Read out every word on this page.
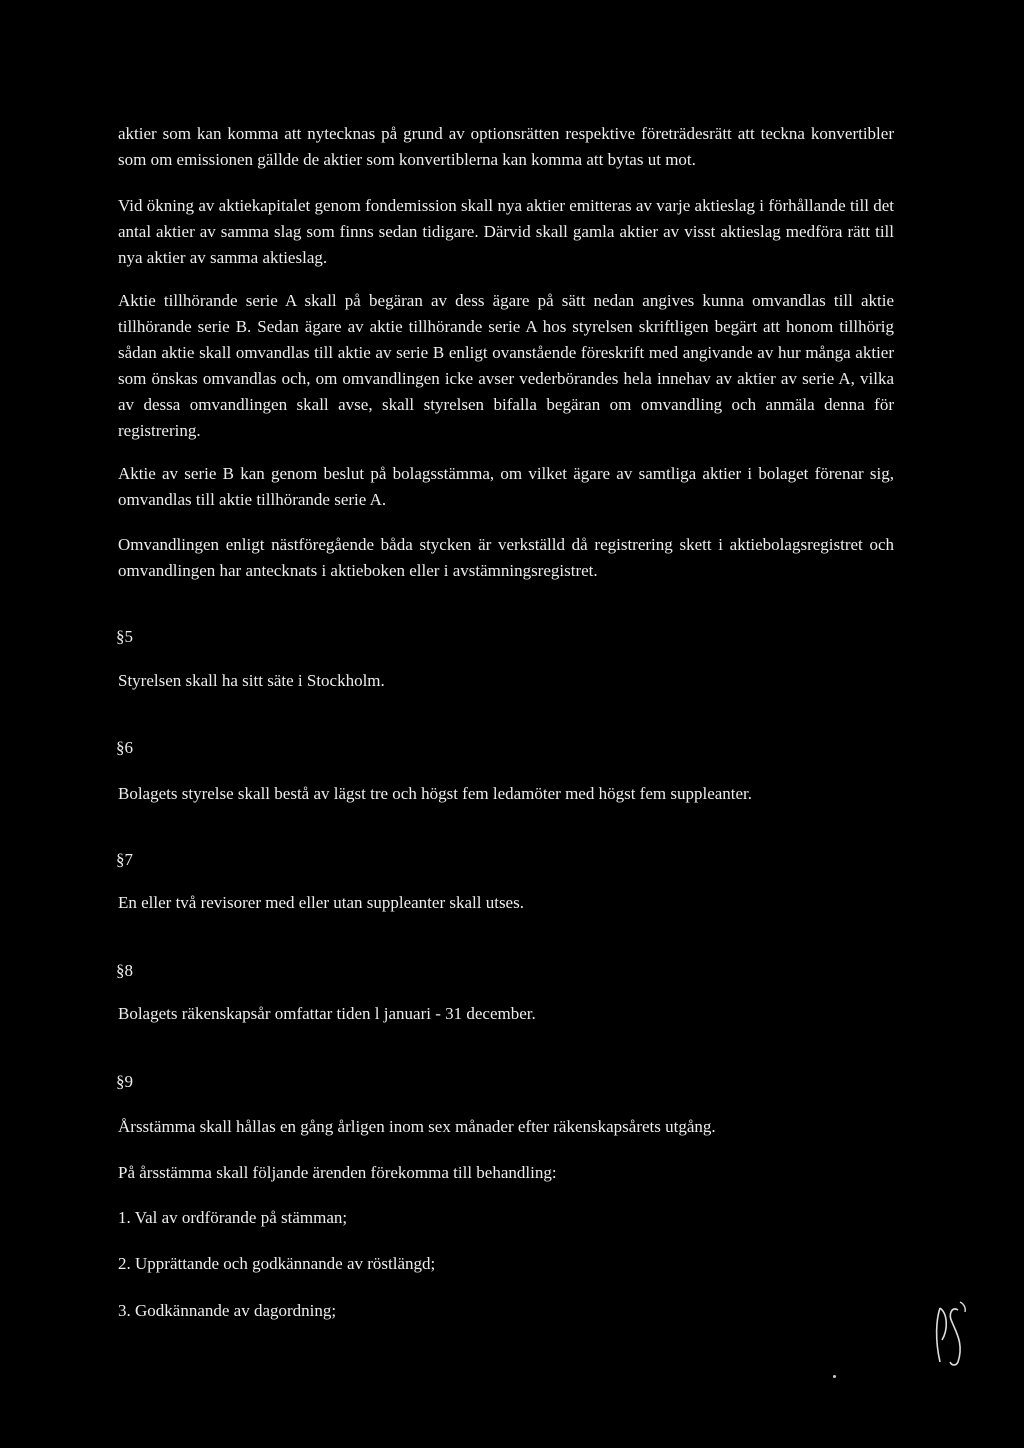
aktier som kan komma att nytecknas på grund av optionsrätten respektive företrädesrätt att teckna konvertibler som om emissionen gällde de aktier som konvertiblerna kan komma att bytas ut mot.
Vid ökning av aktiekapitalet genom fondemission skall nya aktier emitteras av varje aktieslag i förhållande till det antal aktier av samma slag som finns sedan tidigare. Därvid skall gamla aktier av visst aktieslag medföra rätt till nya aktier av samma aktieslag.
Aktie tillhörande serie A skall på begäran av dess ägare på sätt nedan angives kunna omvandlas till aktie tillhörande serie B. Sedan ägare av aktie tillhörande serie A hos styrelsen skriftligen begärt att honom tillhörig sådan aktie skall omvandlas till aktie av serie B enligt ovanstående föreskrift med angivande av hur många aktier som önskas omvandlas och, om omvandlingen icke avser vederbörandes hela innehav av aktier av serie A, vilka av dessa omvandlingen skall avse, skall styrelsen bifalla begäran om omvandling och anmäla denna för registrering.
Aktie av serie B kan genom beslut på bolagsstämma, om vilket ägare av samtliga aktier i bolaget förenar sig, omvandlas till aktie tillhörande serie A.
Omvandlingen enligt nästföregående båda stycken är verkställd då registrering skett i aktiebolagsregistret och omvandlingen har antecknats i aktieboken eller i avstämningsregistret.
§5
Styrelsen skall ha sitt säte i Stockholm.
§6
Bolagets styrelse skall bestå av lägst tre och högst fem ledamöter med högst fem suppleanter.
§7
En eller två revisorer med eller utan suppleanter skall utses.
§8
Bolagets räkenskapsår omfattar tiden l januari - 31 december.
§9
Årsstämma skall hållas en gång årligen inom sex månader efter räkenskapsårets utgång.
På årsstämma skall följande ärenden förekomma till behandling:
1. Val av ordförande på stämman;
2. Upprättande och godkännande av röstlängd;
3. Godkännande av dagordning;
